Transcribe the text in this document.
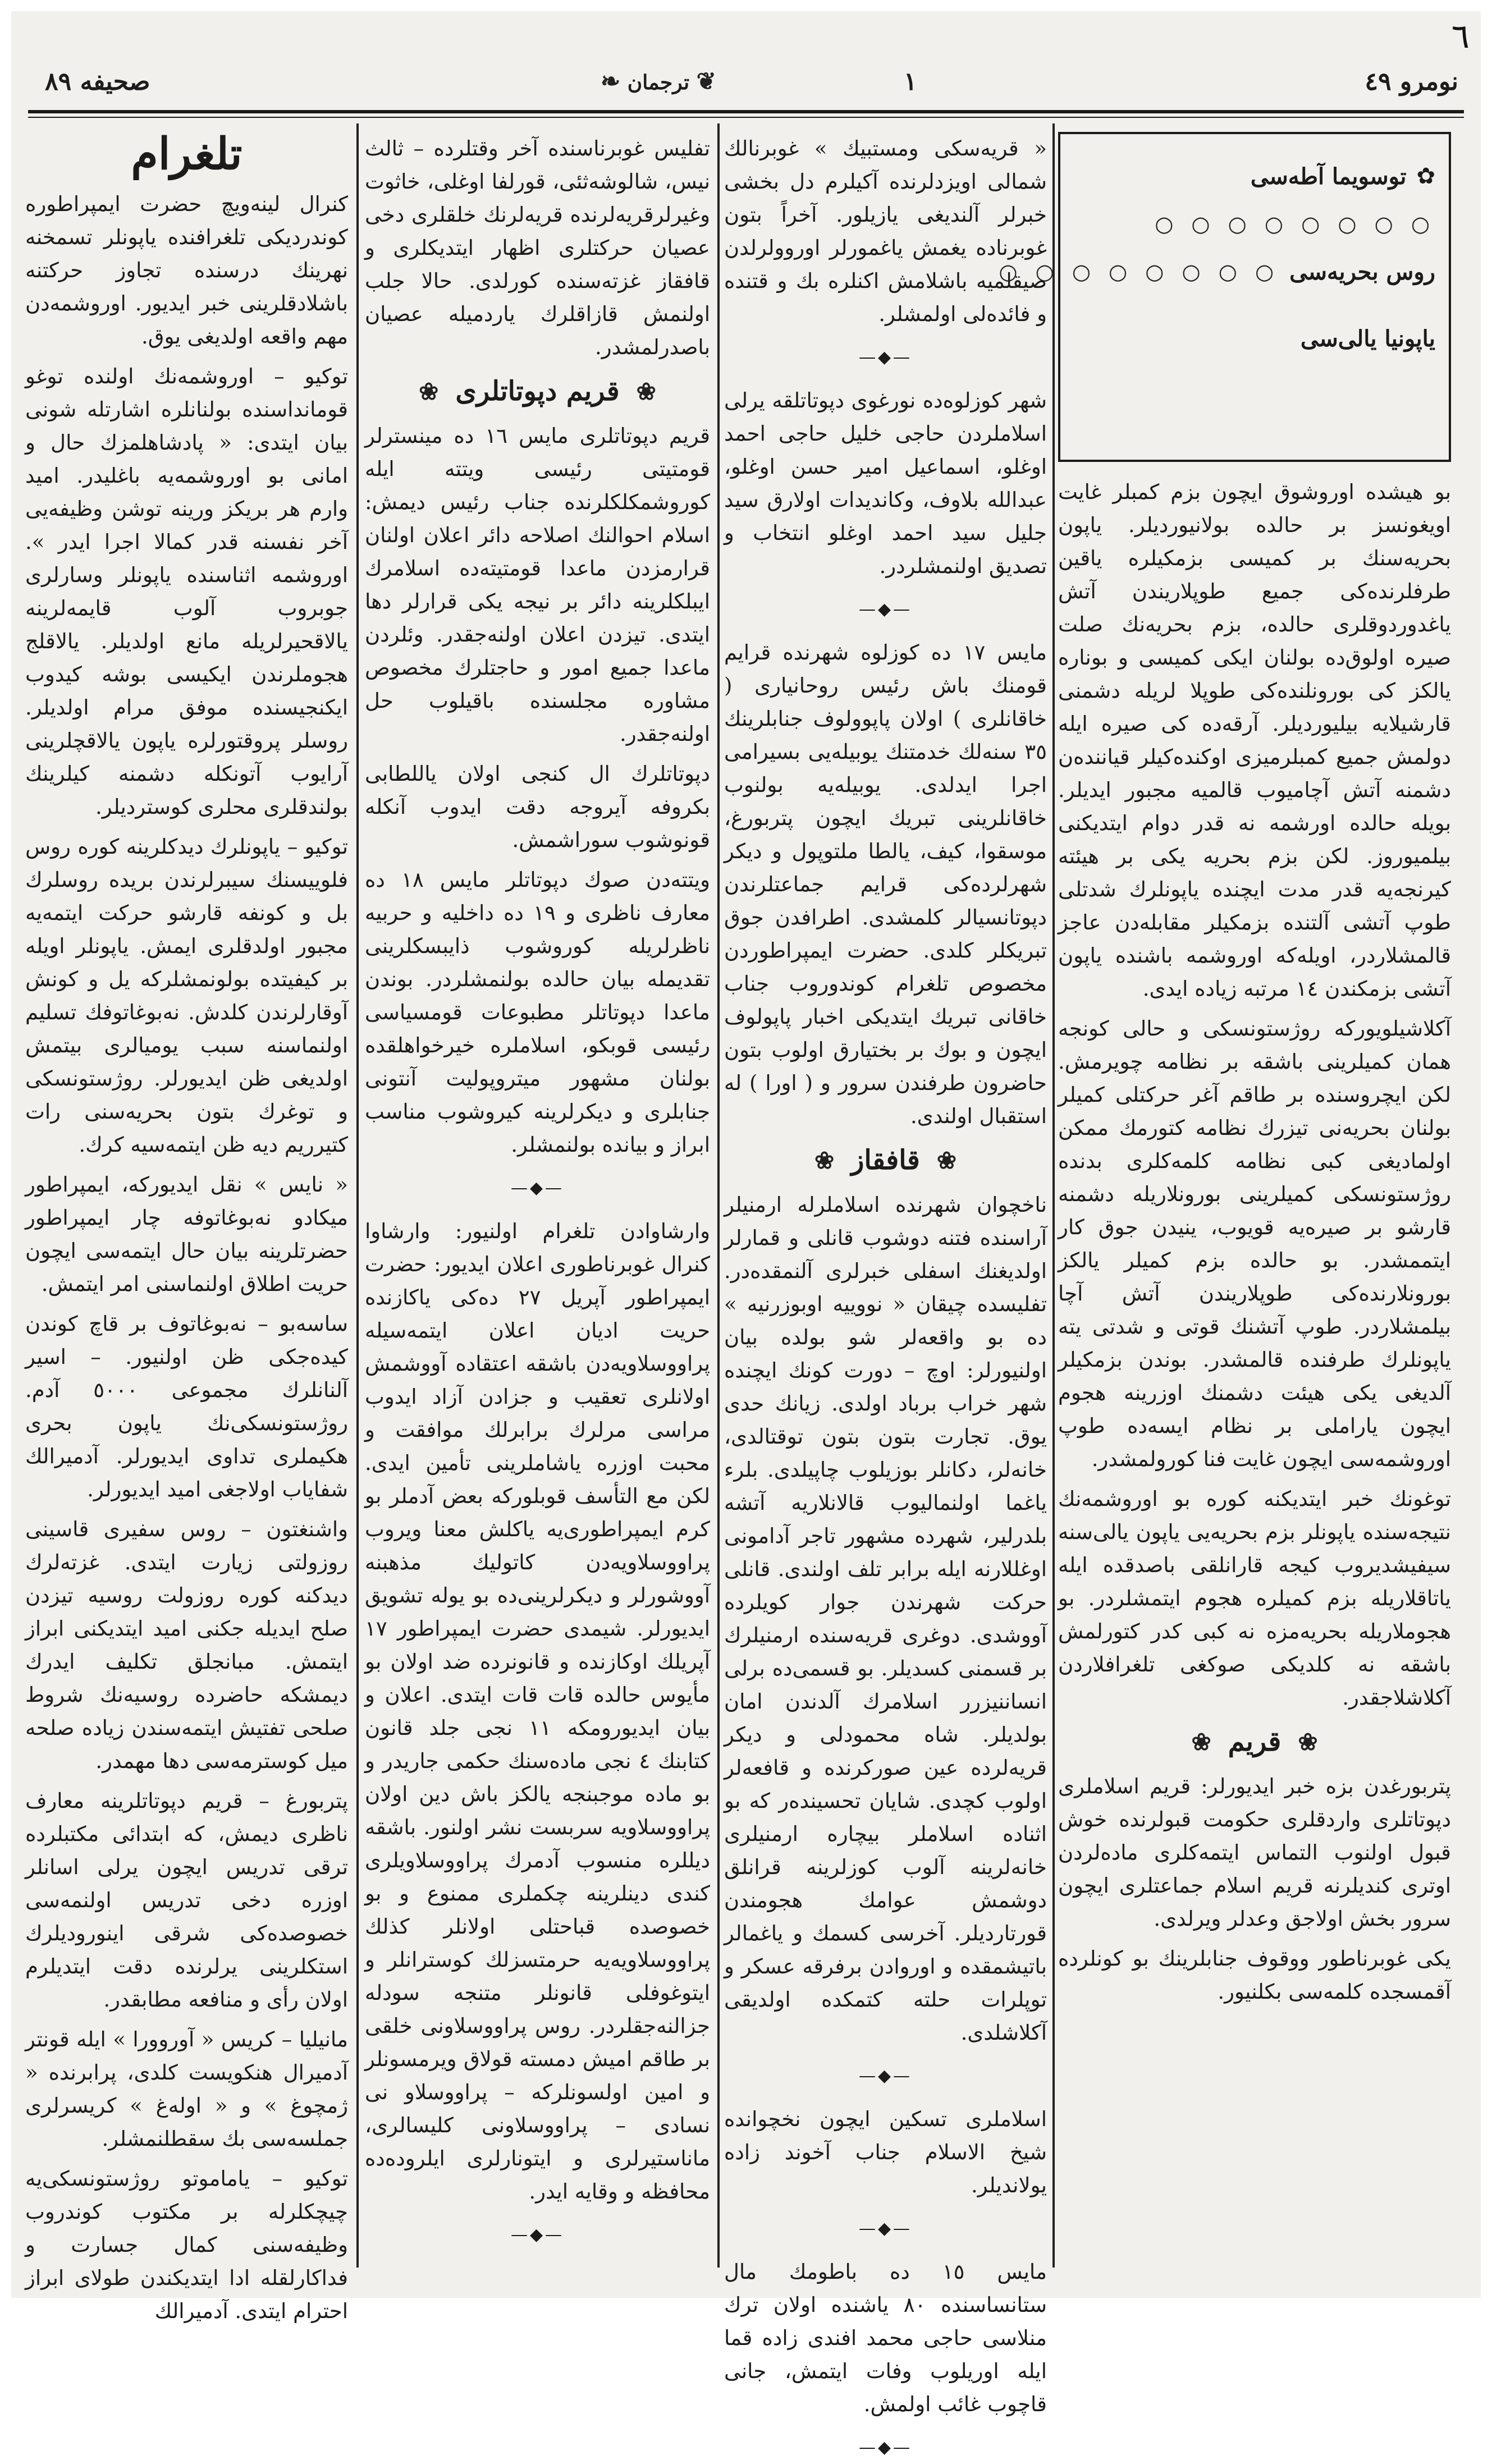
نومرو ٤٩
١
❦ ترجمان ❧
صحيفه ٨٩
٦
✿
توسويما آطه‌سی
○ ○ ○ ○ ○ ○ ○ ○
روس بحريه‌سی
○ ○ ○ ○ ○ ○ ○ ○
ياپونيا يالی‌سی

بو هيشده اوروشوق ايچون بزم كمبلر غايت اويغونسز بر حالده بولانيورديلر. ياپون بحريه‌سنك بر كميسی بزمكيلره ياقين طرفلرنده‌كی جميع طوپلاريندن آتش ياغدوردوقلری حالده، بزم بحريه‌نك صلت صيره اولوق‌ده بولنان ايكی كميسی و بوناره يالكز كی بورونلنده‌كی طوپلا لريله دشمنی قارشيلايه بيليورديلر. آرقه‌ده كی صيره ايله دولمش جميع كمبلرميزی اوكنده‌كيلر قياننده‌ن دشمنه آتش آچاميوب قالميه مجبور ايديلر. بويله حالده اورشمه نه قدر دوام ايتديكنی بيلميوروز. لكن بزم بحريه يكی بر هيئته كيرنجه‌يه قدر مدت ايچنده ياپونلرك شدتلی طوپ آتشی آلتنده بزمكيلر مقابله‌دن عاجز قالمشلاردر، اويله‌كه اوروشمه باشنده ياپون آتشی بزمكندن ١٤ مرتبه زياده ايدی.

آكلاشيلويوركه روژستونسكی و حالی كونجه همان كميلرينی باشقه بر نظامه چويرمش. لكن ايچروسنده بر طاقم آغر حركتلی كميلر بولنان بحريه‌نی تيزرك نظامه كتورمك ممكن اولماديغی كبی نظامه كلمه‌كلری بدنده روژستونسكی كميلرينی بورونلاريله دشمنه قارشو بر صيره‌يه قويوب، ينيدن جوق كار ايتممشدر. بو حالده بزم كميلر يالكز بورونلارنده‌كی طوپلاريندن آتش آچا بيلمشلاردر. طوپ آتشنك قوتی و شدتی يته ياپونلرك طرفنده قالمشدر. بوندن بزمكيلر آلديغی يكی هيئت دشمنك اوزرينه هجوم ايچون ياراملی بر نظام ايسه‌ده طوپ اوروشمه‌سی ايچون غايت فنا كورولمشدر.

توغونك خبر ايتديكنه كوره بو اوروشمه‌نك نتيجه‌سنده ياپونلر بزم بحريه‌يی ياپون يالی‌سنه سيفيشديروب كيجه قارانلقی باصدقده ايله ياتاقلاريله بزم كميلره هجوم ايتمشلردر. بو هجوملاريله بحريه‌مزه نه كبی كدر كتورلمش باشقه نه كلديكی صوكغی تلغرافلاردن آكلاشلاجقدر.

❀
قريم
❀

پتربورغدن بزه خبر ايديورلر: قريم اسلاملری دپوتاتلری واردقلری حكومت قبولرنده خوش قبول اولنوب التماس ايتمه‌كلری ماده‌لردن اوتری كنديلرنه قريم اسلام جماعتلری ايچون سرور بخش اولاجق وعدلر ويرلدی.

يكی غوبرناطور ووقوف جنابلرينك بو كونلرده آقمسجده كلمه‌سی بكلنيور.

« قريه‌سكی ومستبيك » غوبرنالك شمالی اويزدلرنده آكيلرم دل بخشی خبرلر آلنديغی يازيلور. آخراً بتون غوبرناده يغمش ياغمورلر اوروولرلدن صيقلميه باشلامش اكنلره بك و قتنده و فائده‌لی اولمشلر.

—◆—

شهر كوزلوه‌ده نورغوی دپوتاتلقه يرلی اسلاملردن حاجی خليل حاجی احمد اوغلو، اسماعيل امير حسن اوغلو، عبدالله بلاوف، وكانديدات اولارق سيد جليل سيد احمد اوغلو انتخاب و تصديق اولنمشلردر.

—◆—

مايس ١٧ ده كوزلوه شهرنده قرايم قومنك باش رئيس روحانياری ( خاقانلری ) اولان پاپوولوف جنابلرينك ٣٥ سنه‌لك خدمتنك يوبيله‌يی بسيرامی اجرا ايدلدی. يوبيله‌يه بولنوب خاقانلرينی تبريك ايچون پتربورغ، موسقوا، كيف، يالطا ملتوپول و ديكر شهرلرده‌كی قرايم جماعتلرندن دپوتانسيالر كلمشدی. اطرافدن جوق تبريكلر كلدی. حضرت ايمپراطوردن مخصوص تلغرام كوندوروب جناب خاقانی تبريك ايتديكی اخبار پاپولوف ايچون و بوك بر بختيارق اولوب بتون حاضرون طرفندن سرور و ( اورا ) له استقبال اولندی.

❀
قافقاز
❀

ناخچوان شهرنده اسلاملرله ارمنيلر آراسنده فتنه دوشوب قانلی و قمارلر اولديغنك اسفلی خبرلری آلنمقده‌در. تفليسده چيقان « نووييه اوبوزرنيه » ده بو واقعه‌لر شو بولده بيان اولنيورلر: اوچ – دورت كونك ايچنده شهر خراب برباد اولدی. زيانك حدی يوق. تجارت بتون بتون توقتالدی، خانه‌لر، دكانلر بوزيلوب چاپيلدی. بلرء ياغما اولنماليوب قالانلاريه آتشه بلدرلير، شهرده مشهور تاجر آدامونی اوغللارنه ايله برابر تلف اولندی. قانلی حركت شهرندن جوار كويلرده آووشدی. دوغری قريه‌سنده ارمنيلرك بر قسمنی كسديلر. بو قسمی‌ده برلی انساننيزرر اسلامرك آلدندن امان بولديلر. شاه محمودلی و ديكر قريه‌لرده عين صوركرنده و قافعه‌لر اولوب كچدی. شايان تحسينده‌ر كه بو اثناده اسلاملر بيچاره ارمنيلری خانه‌لرينه آلوب كوزلرينه قرانلق دوشمش عوامك هجومندن قورتارديلر. آخرسی كسمك و ياغمالر باتيشمقده و اوروادن برفرقه عسكر و توپلرات حلته كتمكده اولديقی آكلاشلدی.

—◆—

اسلاملری تسكين ايچون نخچوانده شيخ الاسلام جناب آخوند زاده يولانديلر.

—◆—

مايس ١٥ ده باطومك مال ستانساسنده ٨٠ ياشنده اولان ترك منلاسی حاجی محمد افندی زاده قما ايله اوريلوب وفات ايتمش، جانی قاچوب غائب اولمش.

—◆—

تفليس غوبرناسنده آخر وقتلرده – ثالث نيس، شالوشه‌ثئی، قورلفا اوغلی، خاثوت وغيرلرقريه‌لرنده قريه‌لرنك خلقلری دخی عصيان حركتلری اظهار ايتديكلری و قافقاز غزته‌سنده كورلدی. حالا جلب اولنمش قازاقلرك ياردميله عصيان باصدرلمشدر.

❀
قريم دپوتاتلری
❀

قريم دپوتاتلری مايس ١٦ ده مينسترلر قومتيتی رئيسی ويتته ايله كوروشمكلكلرنده جناب رئيس ديمش: اسلام احوالنك اصلاحه دائر اعلان اولنان قرارمزدن ماعدا قومتيته‌ده اسلامرك ايبلكلرينه دائر بر نيجه يكی قرارلر دها ايتدی. تيزدن اعلان اولنه‌جقدر. وئلردن ماعدا جميع امور و حاجتلرك مخصوص مشاوره مجلسنده باقيلوب حل اولنه‌جقدر.

دپوتاتلرك ال كنجی اولان ياللطابی بكروفه آيروجه دقت ايدوب آنكله قونوشوب سوراشمش.

ويتته‌دن صوك دپوتاتلر مايس ١٨ ده معارف ناظری و ١٩ ده داخليه و حربيه ناظرلريله كوروشوب ذايبسكلرينی تقديمله بيان حالده بولنمشلردر. بوندن ماعدا دپوتاتلر مطبوعات قومسياسی رئيسی قوبكو، اسلاملره خيرخواهلقده بولنان مشهور ميتروپوليت آنتونی جنابلری و ديكرلرينه كيروشوب مناسب ابراز و بيانده بولنمشلر.

—◆—

وارشاوادن تلغرام اولنيور: وارشاوا كنرال غوبرناطوری اعلان ايديور: حضرت ايمپراطور آپريل ٢٧ ده‌كی ياكازنده حريت اديان اعلان ايتمه‌سيله پراووسلاويه‌دن باشقه اعتقاده آووشمش اولانلری تعقيب و جزادن آزاد ايدوب مراسی مرلرك برابرلك موافقت و محبت اوزره ياشاملرينی تأمين ايدی. لكن مع التأسف قوبلوركه بعض آدملر بو كرم ايمپراطوری‌يه ياكلش معنا ويروب پراووسلاويه‌دن كاتوليك مذهبنه آووشورلر و ديكرلرينی‌ده بو يوله تشويق ايديورلر. شيمدی حضرت ايمپراطور ١٧ آپريلك اوكازنده و قانونرده ضد اولان بو مأيوس حالده قات قات ايتدی. اعلان و بيان ايديورومكه ١١ نجی جلد قانون كتابنك ٤ نجی ماده‌سنك حكمی جاريدر و بو ماده موجبنجه يالكز باش دين اولان پراووسلاويه سربست نشر اولنور. باشقه ديللره منسوب آدمرك پراووسلاويلری كندی دينلرينه چكملری ممنوع و بو خصوصده قباحتلی اولانلر كذلك پراووسلاويه‌يه حرمتسزلك كوسترانلر و ايتوغوفلی قانونلر متنجه سودله جزالنه‌جقلردر. روس پراووسلاونی خلقی بر طاقم اميش دمسته قولاق ويرمسونلر و امين اولسونلركه – پراووسلاو نی نسادی – پراووسلاونی كليسالری، ماناستيرلری و ايتونارلری ايلروده‌ده محافظه و وقايه ايدر.

—◆—
تلغرام

كنرال لينه‌ويچ حضرت ايمپراطوره كوندرديكی تلغرافنده ياپونلر تسمخنه نهرينك درسنده تجاوز حركتنه باشلادقلرينی خبر ايديور. اوروشمه‌دن مهم واقعه اولديغی يوق.

توكيو – اوروشمه‌نك اولنده توغو قومانداسنده بولنانلره اشارتله شونی بيان ايتدی: « پادشاهلمزك حال و امانی بو اوروشمه‌يه باغليدر. اميد وارم هر بريكز ورينه توشن وظيفه‌يی آخر نفسنه قدر كمالا اجرا ايدر ». اوروشمه اثناسنده ياپونلر وسارلری جوبروب آلوب قايمه‌لرينه يالاقحيرلريله مانع اولدیلر. يالاقلج هجوملرندن ايكيسی بوشه كيدوب ايكنجيسنده موفق مرام اولديلر. روسلر پروقتورلره ياپون يالاقچلرينی آرايوب آتونكله دشمنه كيلرينك بولندقلری محلری كوسترديلر.

توكيو – ياپونلرك ديدكلرينه كوره روس فلوييسنك سيبرلرندن بريده روسلرك بل و كونفه قارشو حركت ايتمه‌يه مجبور اولدقلری ايمش. ياپونلر اويله بر كيفيتده بولونمشلركه يل و كونش آوقارلرندن كلدش. نه‌بوغاتوفك تسليم اولنماسنه سبب يوميالری بيتمش اولديغی ظن ايديورلر. روژستونسكی و توغرك بتون بحريه‌سنی رات كتيرريم ديه ظن ايتمه‌سيه كرك.

« نايس » نقل ايديوركه، ايمپراطور ميكادو نه‌بوغاتوفه چار ايمپراطور حضرتلرينه بيان حال ايتمه‌سی ايچون حريت اطلاق اولنماسنی امر ايتمش.

ساسه‌بو – نه‌بوغاتوف بر قاچ كوندن كيده‌جكی ظن اولنيور. – اسير آلنانلرك مجموعی ٥٠٠٠ آدم. روژستونسكی‌نك ياپون بحری هكيملری تداوی ايديورلر. آدميرالك شفاياب اولاجغی اميد ايديورلر.

واشنغتون – روس سفيری قاسينی روزولتی زيارت ايتدی. غزته‌لرك ديدكنه كوره روزولت روسيه تيزدن صلح ايديله جكنی اميد ايتديكنی ابراز ايتمش. مبانجلق تكليف ايدرك ديمشكه حاضرده روسيه‌نك شروط صلحی تفتيش ايتمه‌سندن زياده صلحه ميل كوسترمه‌سی دها مهمدر.

پتربورغ – قريم دپوتاتلرينه معارف ناظری ديمش، كه ابتدائی مكتبلرده ترقی تدريس ايچون يرلی اسانلر اوزره دخی تدريس اولنمه‌سی خصوصده‌كی شرقی اينوروديلرك استكلرينی يرلرنده دقت ايتديلرم اولان رأی و منافعه مطابقدر.

مانيليا – كريس « آوروورا » ايله قونتر آدميرال هنكويست كلدی، پرابرنده « ژمچوغ » و « اوله‌غ » كريسرلری جملسه‌سی بك سقطلنمشلر.

توكيو – ياماموتو روژستونسكی‌يه چيچكلرله بر مكتوب كوندروب وظيفه‌سنی كمال جسارت و فداكارلقله ادا ايتديكندن طولای ابراز احترام ايتدی. آدميرالك
